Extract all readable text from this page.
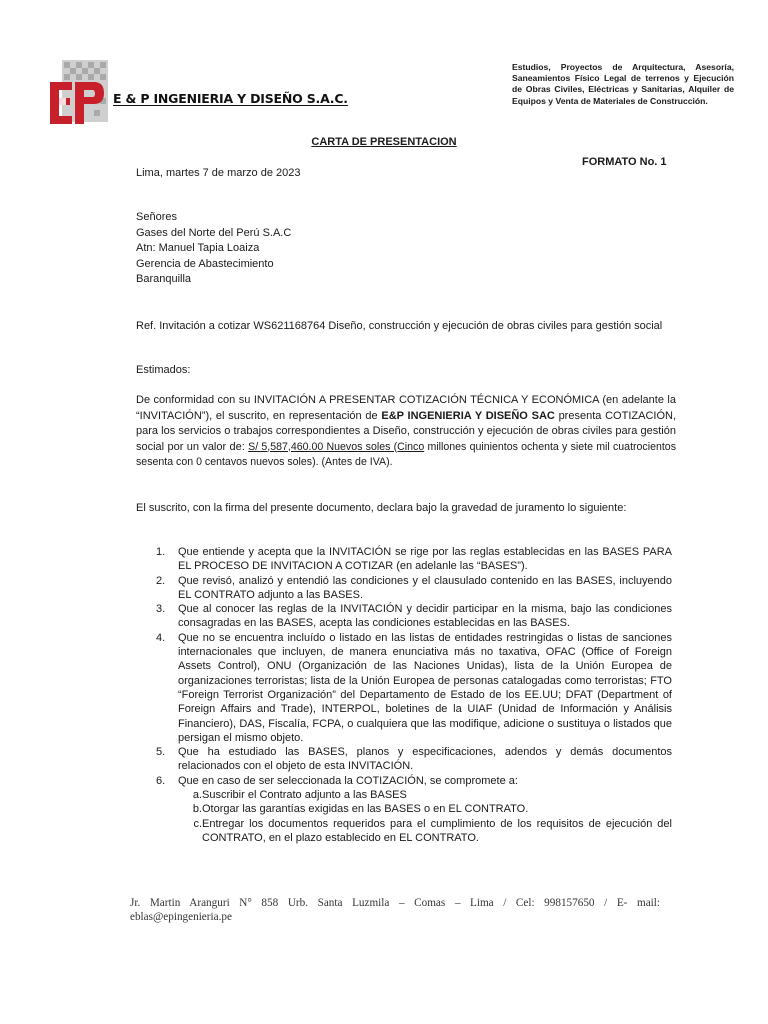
E & P INGENIERIA Y DISEÑO S.A.C.
Estudios, Proyectos de Arquitectura, Asesoría, Saneamientos Físico Legal de terrenos y Ejecución de Obras Civiles, Eléctricas y Sanitarias, Alquiler de Equipos y Venta de Materiales de Construcción.
CARTA DE PRESENTACION
FORMATO No. 1
Lima, martes 7 de marzo de 2023
Señores
Gases del Norte del Perú S.A.C
Atn: Manuel Tapia Loaiza
Gerencia de Abastecimiento
Baranquilla
Ref. Invitación a cotizar WS621168764 Diseño, construcción y ejecución de obras civiles para gestión social
Estimados:
De conformidad con su INVITACIÓN A PRESENTAR COTIZACIÓN TÉCNICA Y ECONÓMICA (en adelante la “INVITACIÓN”), el suscrito, en representación de E&P INGENIERIA Y DISEÑO SAC presenta COTIZACIÓN, para los servicios o trabajos correspondientes a Diseño, construcción y ejecución de obras civiles para gestión social por un valor de: S/ 5,587,460.00 Nuevos soles (Cinco millones quinientos ochenta y siete mil cuatrocientos sesenta con 0 centavos nuevos soles). (Antes de IVA).
El suscrito, con la firma del presente documento, declara bajo la gravedad de juramento lo siguiente:
1. Que entiende y acepta que la INVITACIÓN se rige por las reglas establecidas en las BASES PARA EL PROCESO DE INVITACION A COTIZAR (en adelanle las “BASES”).
2. Que revisó, analizó y entendió las condiciones y el clausulado contenido en las BASES, incluyendo EL CONTRATO adjunto a las BASES.
3. Que al conocer las reglas de la INVITACIÓN y decidir participar en la misma, bajo las condiciones consagradas en las BASES, acepta las condiciones establecidas en las BASES.
4. Que no se encuentra incluído o listado en las listas de entidades restringidas o listas de sanciones internacionales que incluyen, de manera enunciativa más no taxativa, OFAC (Office of Foreign Assets Control), ONU (Organización de las Naciones Unidas), lista de la Unión Europea de organizaciones terroristas; lista de la Unión Europea de personas catalogadas como terroristas; FTO “Foreign Terrorist Organización” del Departamento de Estado de los EE.UU; DFAT (Department of Foreign Affairs and Trade), INTERPOL, boletines de la UIAF (Unidad de Información y Análisis Financiero), DAS, Fiscalía, FCPA, o cualquiera que las modifique, adicione o sustituya o listados que persigan el mismo objeto.
5. Que ha estudiado las BASES, planos y especificaciones, adendos y demás documentos relacionados con el objeto de esta INVITACIÓN.
6. Que en caso de ser seleccionada la COTIZACIÓN, se compromete a:
a. Suscribir el Contrato adjunto a las BASES
b. Otorgar las garantías exigidas en las BASES o en EL CONTRATO.
c. Entregar los documentos requeridos para el cumplimiento de los requisitos de ejecución del CONTRATO, en el plazo establecido en EL CONTRATO.
Jr. Martin Aranguri N° 858 Urb. Santa Luzmila – Comas – Lima / Cel: 998157650 / E- mail:
eblas@epingenieria.pe
